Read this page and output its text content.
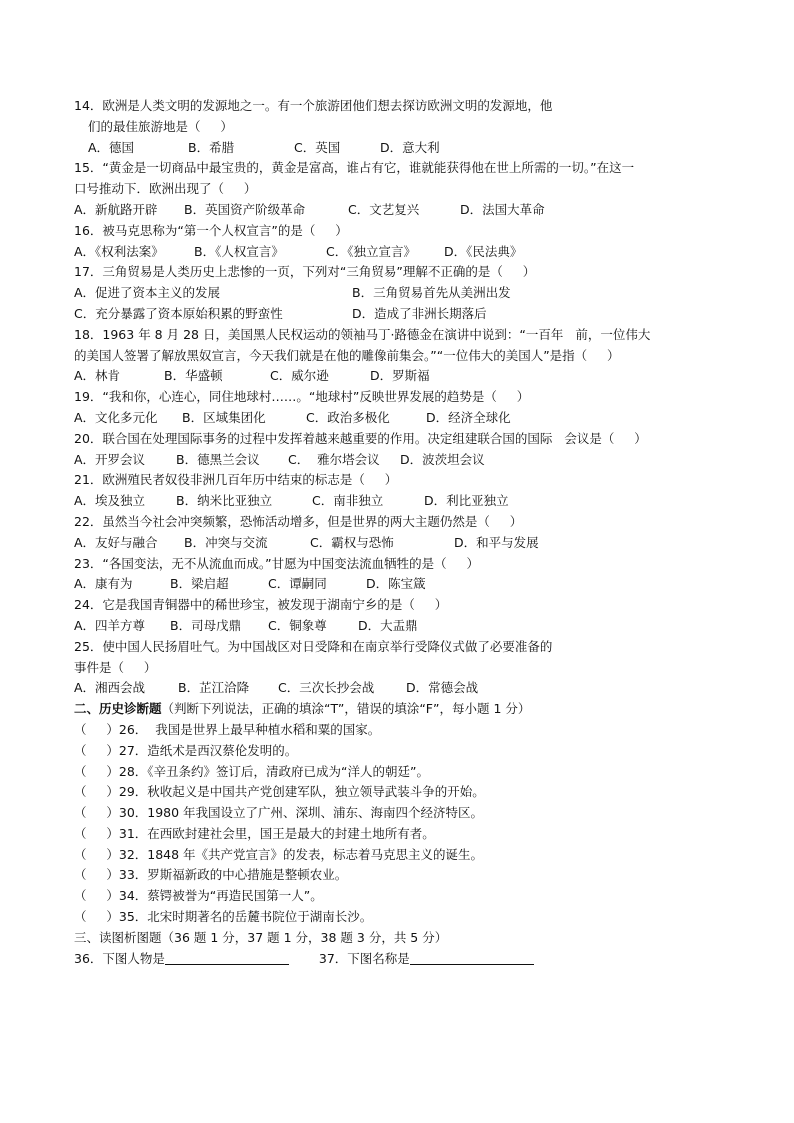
14．欧洲是人类文明的发源地之一。有一个旅游团他们想去探访欧洲文明的发源地，他
们的最佳旅游地是（     ）
A．德国	B．希腊	C．英国	D．意大利
15．“黄金是一切商品中最宝贵的，黄金是富高，谁占有它，谁就能获得他在世上所需的一切。”在这一
口号推动下．欧洲出现了（     ）
A．新航路开辟	B．英国资产阶级革命	C．文艺复兴	D．法国大革命
16．被马克思称为“第一个人权宣言”的是（     ）
A．《权利法案》	B．《人权宣言》	C．《独立宣言》	D．《民法典》
17．三角贸易是人类历史上悲惨的一页，下列对“三角贸易”理解不正确的是（     ）
A．促进了资本主义的发展	B．三角贸易首先从美洲出发
C．充分暴露了资本原始积累的野蛮性	D．造成了非洲长期落后
18．1963 年 8 月 28 日，美国黑人民权运动的领袖马丁·路德金在演讲中说到：“一百年   前，一位伟大
的美国人签署了解放黑奴宣言，今天我们就是在他的雕像前集会。”“一位伟大的美国人”是指（     ）
A．林肯	B．华盛顿	C．威尔逊	D．罗斯福
19．“我和你，心连心，同住地球村……。“地球村”反映世界发展的趋势是（     ）
A．文化多元化	B．区域集团化	C．政治多极化	D．经济全球化
20．联合国在处理国际事务的过程中发挥着越来越重要的作用。决定组建联合国的国际   会议是（     ）
A．开罗会议	B．德黑兰会议	C．  雅尔塔会议	D．波茨坦会议
21．欧洲殖民者奴役非洲几百年历中结束的标志是（     ）
A．埃及独立	B．纳米比亚独立	C．南非独立	D．利比亚独立
22．虽然当今社会冲突频繁，恐怖活动增多，但是世界的两大主题仍然是（     ）
A．友好与融合	B．冲突与交流	C．霸权与恐怖	D．和平与发展
23．“各国变法，无不从流血而成。”甘愿为中国变法流血牺牲的是（     ）
A．康有为	B．梁启超	C．谭嗣同	D．陈宝箴
24．它是我国青铜器中的稀世珍宝，被发现于湖南宁乡的是（     ）
A．四羊方尊	B．司母戊鼎	C．铜象尊	D．大盂鼎
25．使中国人民扬眉吐气。为中国战区对日受降和在南京举行受降仪式做了必要准备的
事件是（     ）
A．湘西会战	B．芷江洽降	C．三次长抄会战	D．常德会战
二、历史诊断题（判断下列说法，正确的填涂“T”，错误的填涂“F”，每小题 1 分）
（     ）26．  我国是世界上最早种植水稻和粟的国家。
（     ）27．造纸术是西汉蔡伦发明的。
（     ）28．《辛丑条约》签订后，清政府已成为“洋人的朝廷”。
（     ）29．秋收起义是中国共产党创建军队，独立领导武装斗争的开始。
（     ）30．1980 年我国设立了广州、深圳、浦东、海南四个经济特区。
（     ）31．在西欧封建社会里，国王是最大的封建土地所有者。
（     ）32．1848 年《共产党宣言》的发表，标志着马克思主义的诞生。
（     ）33．罗斯福新政的中心措施是整顿农业。
（     ）34．蔡锷被誉为“再造民国第一人”。
（     ）35．北宋时期著名的岳麓书院位于湖南长沙。
三、读图析图题（36 题 1 分，37 题 1 分，38 题 3 分，共 5 分）
36．下图人物是	37．下图名称是
